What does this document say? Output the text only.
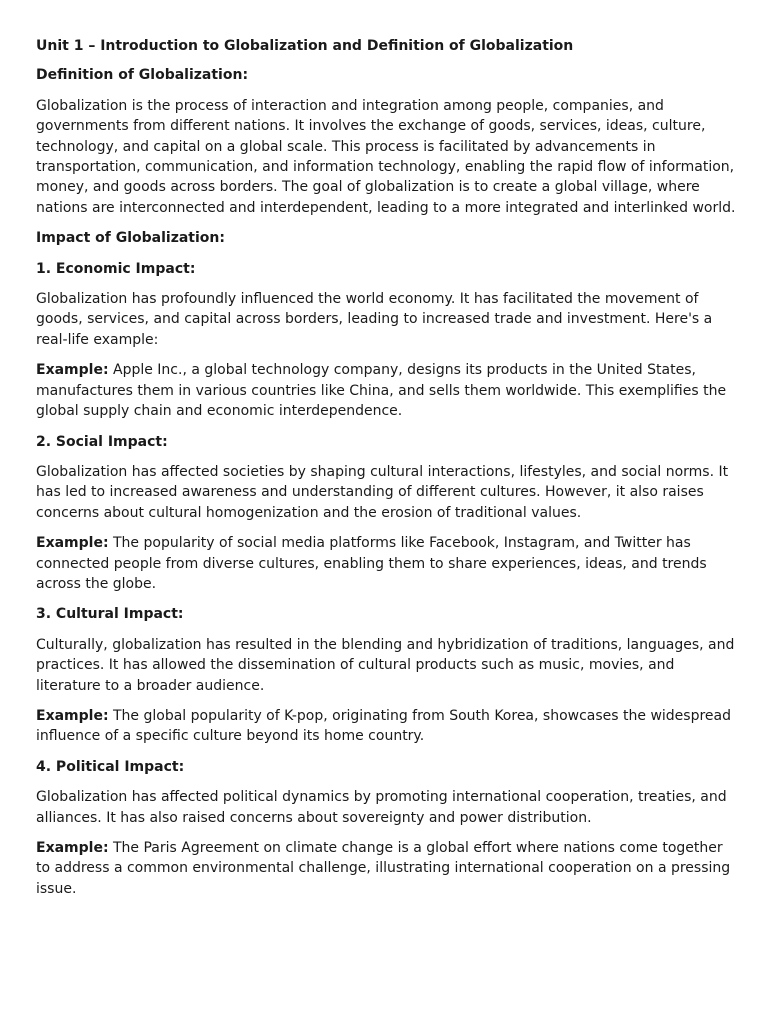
Unit 1 – Introduction to Globalization and Definition of Globalization

Definition of Globalization:

Globalization is the process of interaction and integration among people, companies, and governments from different nations. It involves the exchange of goods, services, ideas, culture, technology, and capital on a global scale. This process is facilitated by advancements in transportation, communication, and information technology, enabling the rapid flow of information, money, and goods across borders. The goal of globalization is to create a global village, where nations are interconnected and interdependent, leading to a more integrated and interlinked world.

Impact of Globalization:

1. Economic Impact:

Globalization has profoundly influenced the world economy. It has facilitated the movement of goods, services, and capital across borders, leading to increased trade and investment. Here's a real-life example:

Example: Apple Inc., a global technology company, designs its products in the United States, manufactures them in various countries like China, and sells them worldwide. This exemplifies the global supply chain and economic interdependence.

2. Social Impact:

Globalization has affected societies by shaping cultural interactions, lifestyles, and social norms. It has led to increased awareness and understanding of different cultures. However, it also raises concerns about cultural homogenization and the erosion of traditional values.

Example: The popularity of social media platforms like Facebook, Instagram, and Twitter has connected people from diverse cultures, enabling them to share experiences, ideas, and trends across the globe.

3. Cultural Impact:

Culturally, globalization has resulted in the blending and hybridization of traditions, languages, and practices. It has allowed the dissemination of cultural products such as music, movies, and literature to a broader audience.

Example: The global popularity of K-pop, originating from South Korea, showcases the widespread influence of a specific culture beyond its home country.

4. Political Impact:

Globalization has affected political dynamics by promoting international cooperation, treaties, and alliances. It has also raised concerns about sovereignty and power distribution.

Example: The Paris Agreement on climate change is a global effort where nations come together to address a common environmental challenge, illustrating international cooperation on a pressing issue.
